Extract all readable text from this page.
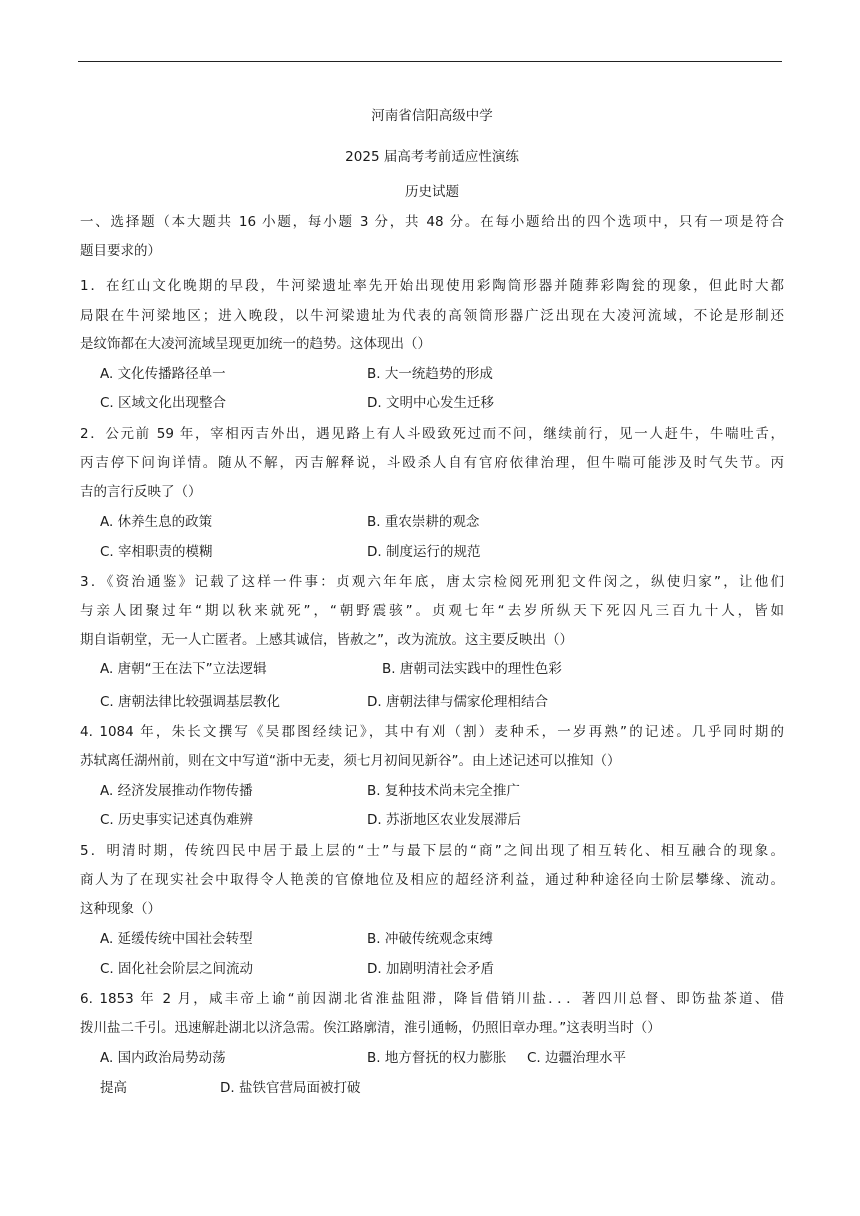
河南省信阳高级中学
2025 届高考考前适应性演练
历史试题
一、选择题（本大题共 16 小题，每小题 3 分，共 48 分。在每小题给出的四个选项中，只有一项是符合
题目要求的）
1．在红山文化晚期的早段，牛河梁遗址率先开始出现使用彩陶筒形器并随葬彩陶瓮的现象，但此时大都
局限在牛河梁地区；进入晚段，以牛河梁遗址为代表的高领筒形器广泛出现在大凌河流域，不论是形制还
是纹饰都在大凌河流域呈现更加统一的趋势。这体现出（）
A. 文化传播路径单一	B. 大一统趋势的形成
C. 区域文化出现整合	D. 文明中心发生迁移
2．公元前 59 年，宰相丙吉外出，遇见路上有人斗殴致死过而不问，继续前行，见一人赶牛，牛喘吐舌，
丙吉停下问询详情。随从不解，丙吉解释说，斗殴杀人自有官府依律治理，但牛喘可能涉及时气失节。丙
吉的言行反映了（）
A. 休养生息的政策	B. 重农崇耕的观念
C. 宰相职责的模糊	D. 制度运行的规范
3．《资治通鉴》记载了这样一件事：贞观六年年底，唐太宗检阅死刑犯文件闵之，纵使归家”，让他们
与亲人团聚过年“期以秋来就死”，“朝野震骇”。贞观七年“去岁所纵天下死囚凡三百九十人，皆如
期自诣朝堂，无一人亡匿者。上感其诚信，皆赦之”，改为流放。这主要反映出（）
A. 唐朝“王在法下”立法逻辑	B. 唐朝司法实践中的理性色彩
C. 唐朝法律比较强调基层教化	D. 唐朝法律与儒家伦理相结合
4. 1084 年，朱长文撰写《吴郡图经续记》，其中有刈（割）麦种禾，一岁再熟”的记述。几乎同时期的
苏轼离任湖州前，则在文中写道“浙中无麦，须七月初间见新谷”。由上述记述可以推知（）
A. 经济发展推动作物传播	B. 复种技术尚未完全推广
C. 历史事实记述真伪难辨	D. 苏浙地区农业发展滞后
5．明清时期，传统四民中居于最上层的“士”与最下层的“商”之间出现了相互转化、相互融合的现象。
商人为了在现实社会中取得令人艳羡的官僚地位及相应的超经济利益，通过种种途径向士阶层攀缘、流动。
这种现象（）
A. 延缓传统中国社会转型	B. 冲破传统观念束缚
C. 固化社会阶层之间流动	D. 加剧明清社会矛盾
6. 1853 年 2 月，咸丰帝上谕“前因湖北省淮盐阻滞，降旨借销川盐．．．著四川总督、即饬盐茶道、借
拨川盐二千引。迅速解赴湖北以济急需。俟江路廓清，淮引通畅，仍照旧章办理。”这表明当时（）
A. 国内政治局势动荡	B. 地方督抚的权力膨胀 C. 边疆治理水平
提高	D. 盐铁官营局面被打破
